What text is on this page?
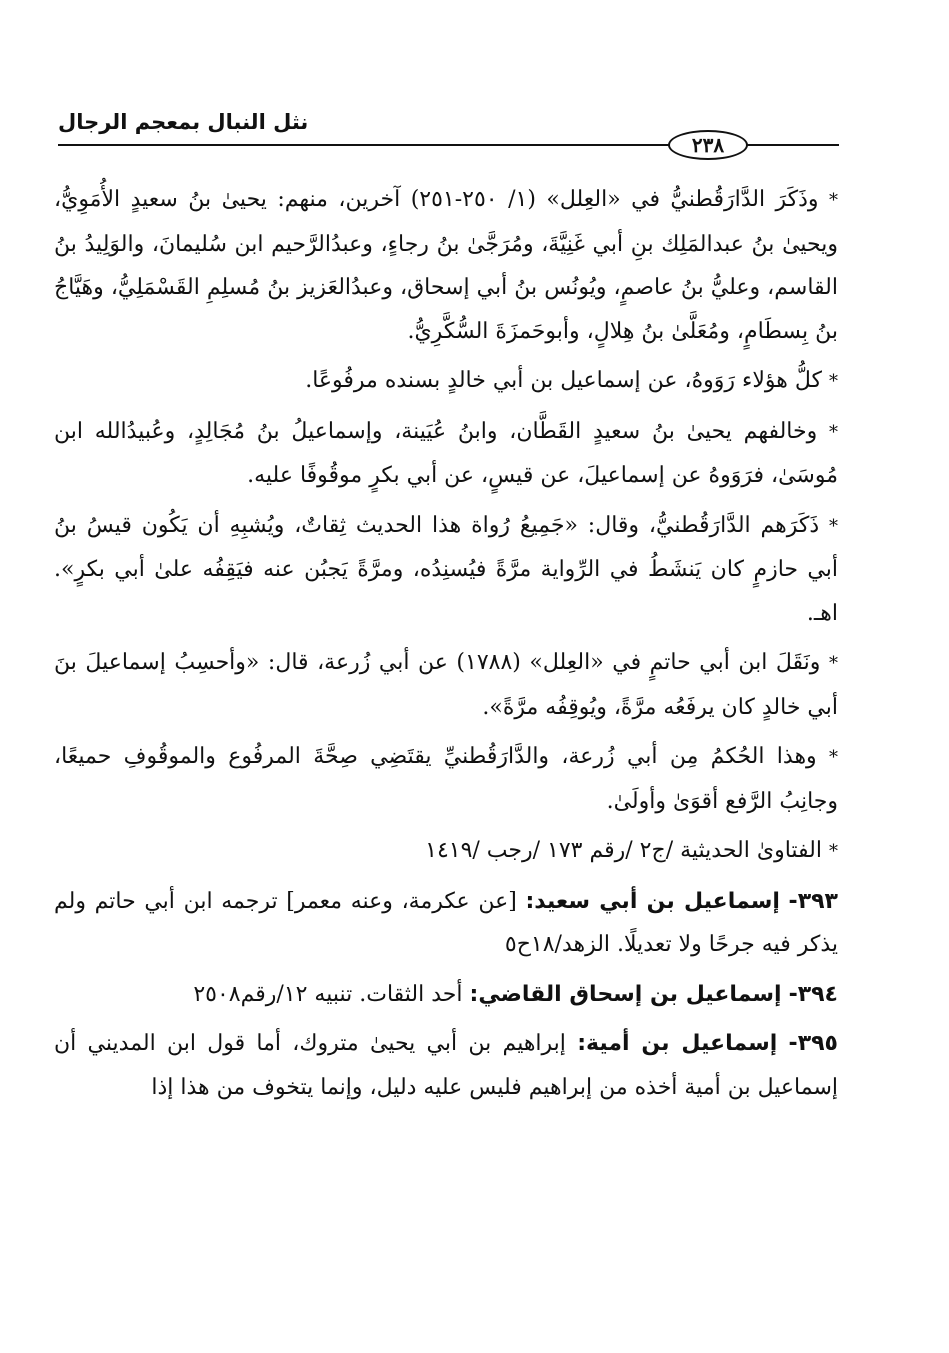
نثل النبال بمعجم الرجال
٢٣٨

* وذَكَرَ الدَّارَقُطنيُّ في «العِلل» (١/ ٢٥٠-٢٥١) آخرين، منهم: يحيىٰ بنُ سعيدٍ الأُمَوِيُّ، ويحيىٰ بنُ عبدالمَلِك بنِ أبي غَنِيَّةَ، ومُرَجَّىٰ بنُ رجاءٍ، وعبدُالرَّحيم ابن سُليمانَ، والوَلِيدُ بنُ القاسم، وعليُّ بنُ عاصمٍ، ويُونُس بنُ أبي إسحاق، وعبدُالعَزيز بنُ مُسلِمِ القَسْمَلِيُّ، وهَيَّاجُ بنُ بِسطَامٍ، ومُعَلَّىٰ بنُ هِلالٍ، وأبوحَمزَةَ السُّكَّرِيُّ.

* كلُّ هؤلاء رَوَوهُ، عن إسماعيل بن أبي خالدٍ بسنده مرفُوعًا.

* وخالفهم يحيىٰ بنُ سعيدٍ القَطَّان، وابنُ عُيَينة، وإسماعيلُ بنُ مُجَالِدٍ، وعُبيدُالله ابن مُوسَىٰ، فرَوَوهُ عن إسماعيلَ، عن قيسٍ، عن أبي بكرٍ موقُوفًا عليه.

* ذَكَرَهم الدَّارَقُطنيُّ، وقال: «جَمِيعُ رُواة هذا الحديث ثِقاتٌ، ويُشبِهِ أن يَكُون قيسُ بنُ أبي حازمٍ كان يَنشَطُ في الرِّواية مرَّةً فيُسنِدُه، ومرَّةً يَجبُن عنه فيَقِفُه علىٰ أبي بكرٍ». اهـ.

* ونَقَلَ ابن أبي حاتمٍ في «العِلل» (١٧٨٨) عن أبي زُرعة، قال: «وأحسِبُ إسماعيلَ بنَ أبي خالدٍ كان يرفَعُه مرَّةً، ويُوقِفُه مرَّةً».

* وهذا الحُكمُ مِن أبي زُرعة، والدَّارَقُطنيِّ يقتَضِي صِحَّةَ المرفُوع والموقُوفِ حميعًا، وجانِبُ الرَّفع أقوَىٰ وأولَىٰ.

* الفتاوىٰ الحديثية /ج٢ /رقم ١٧٣ /رجب /١٤١٩

٣٩٣- إسماعيل بن أبي سعيد: [عن عكرمة، وعنه معمر] ترجمه ابن أبي حاتم ولم يذكر فيه جرحًا ولا تعديلًا. الزهد/١٨ح٥

٣٩٤- إسماعيل بن إسحاق القاضي: أحد الثقات. تنبيه ١٢/رقم٢٥٠٨

٣٩٥- إسماعيل بن أمية: إبراهيم بن أبي يحيىٰ متروك، أما قول ابن المديني أن إسماعيل بن أمية أخذه من إبراهيم فليس عليه دليل، وإنما يتخوف من هذا إذا
